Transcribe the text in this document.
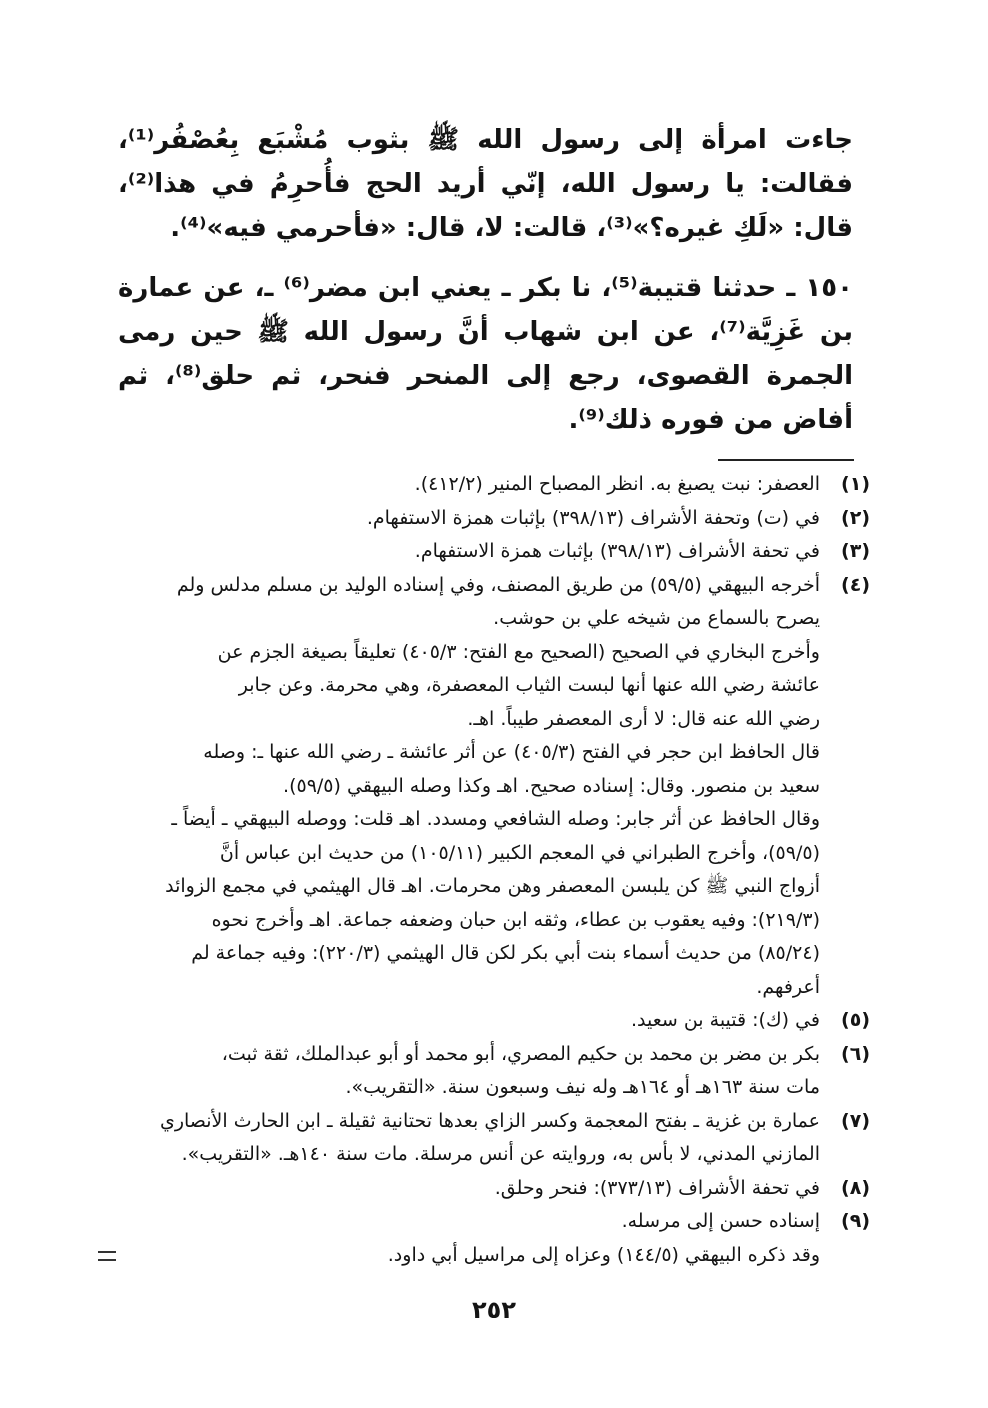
جاءت امرأة إلى رسول الله ﷺ بثوب مُشْبَع بِعُصْفُر⁽¹⁾، فقالت: يا رسول الله، إنّي أريد الحج فأُحرِمُ في هذا⁽²⁾، قال: «لَكِ غيره؟»⁽³⁾، قالت: لا، قال: «فأحرمي فيه»⁽⁴⁾.

١٥٠ ـ حدثنا قتيبة⁽⁵⁾، نا بكر ـ يعني ابن مضر⁽⁶⁾ ـ، عن عمارة بن غَزِيَّة⁽⁷⁾، عن ابن شهاب أنَّ رسول الله ﷺ حين رمى الجمرة القصوى، رجع إلى المنحر فنحر، ثم حلق⁽⁸⁾، ثم أفاض من فوره ذلك⁽⁹⁾.

(١)
العصفر: نبت يصبغ به. انظر المصباح المنير (٤١٢/٢).
(٢)
في (ت) وتحفة الأشراف (٣٩٨/١٣) بإثبات همزة الاستفهام.
(٣)
في تحفة الأشراف (٣٩٨/١٣) بإثبات همزة الاستفهام.
(٤)
أخرجه البيهقي (٥٩/٥) من طريق المصنف، وفي إسناده الوليد بن مسلم مدلس ولم
يصرح بالسماع من شيخه علي بن حوشب.
وأخرج البخاري في الصحيح (الصحيح مع الفتح: ٤٠٥/٣) تعليقاً بصيغة الجزم عن
عائشة رضي الله عنها أنها لبست الثياب المعصفرة، وهي محرمة. وعن جابر
رضي الله عنه قال: لا أرى المعصفر طيباً. اهـ.
قال الحافظ ابن حجر في الفتح (٤٠٥/٣) عن أثر عائشة ـ رضي الله عنها ـ: وصله
سعيد بن منصور. وقال: إسناده صحيح. اهـ وكذا وصله البيهقي (٥٩/٥).
وقال الحافظ عن أثر جابر: وصله الشافعي ومسدد. اهـ قلت: ووصله البيهقي ـ أيضاً ـ
(٥٩/٥)، وأخرج الطبراني في المعجم الكبير (١٠٥/١١) من حديث ابن عباس أنَّ
أزواج النبي ﷺ كن يلبسن المعصفر وهن محرمات. اهـ قال الهيثمي في مجمع الزوائد
(٢١٩/٣): وفيه يعقوب بن عطاء، وثقه ابن حبان وضعفه جماعة. اهـ وأخرج نحوه
(٨٥/٢٤) من حديث أسماء بنت أبي بكر لكن قال الهيثمي (٢٢٠/٣): وفيه جماعة لم
أعرفهم.
(٥)
في (ك): قتيبة بن سعيد.
(٦)
بكر بن مضر بن محمد بن حكيم المصري، أبو محمد أو أبو عبدالملك، ثقة ثبت،
مات سنة ١٦٣هـ أو ١٦٤هـ وله نيف وسبعون سنة. «التقريب».
(٧)
عمارة بن غزية ـ بفتح المعجمة وكسر الزاي بعدها تحتانية ثقيلة ـ ابن الحارث الأنصاري
المازني المدني، لا بأس به، وروايته عن أنس مرسلة. مات سنة ١٤٠هـ. «التقريب».
(٨)
في تحفة الأشراف (٣٧٣/١٣): فنحر وحلق.
(٩)
إسناده حسن إلى مرسله.
وقد ذكره البيهقي (١٤٤/٥) وعزاه إلى مراسيل أبي داود.
٢٥٢
